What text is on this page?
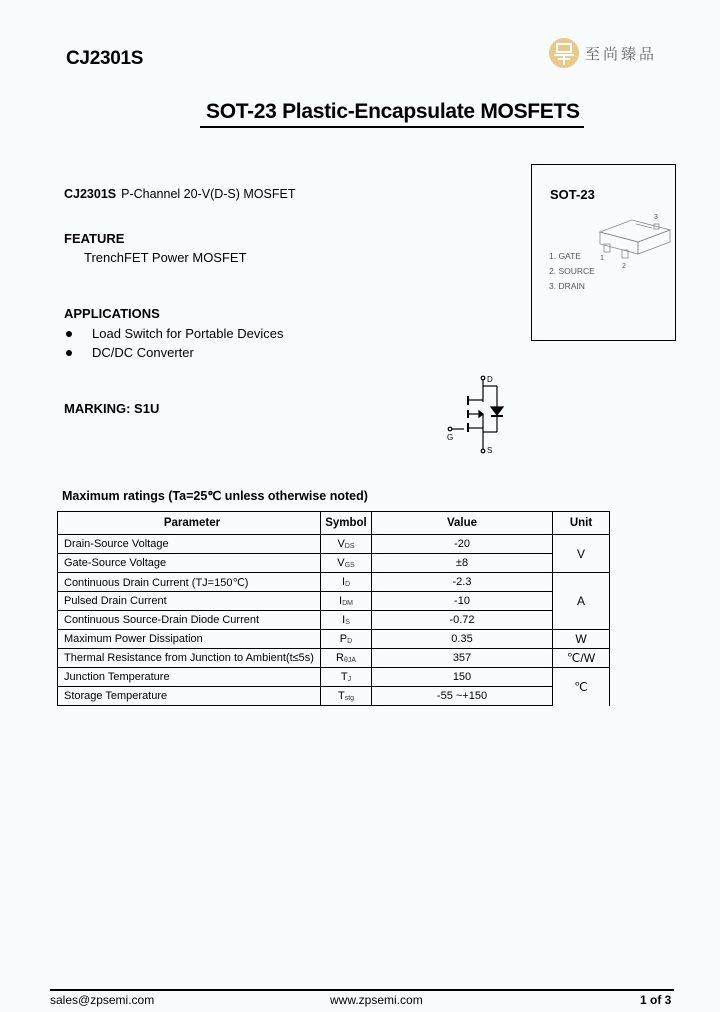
CJ2301S	至尚臻品
SOT-23 Plastic-Encapsulate MOSFETS
CJ2301S P-Channel 20-V(D-S) MOSFET
FEATURE
TrenchFET Power MOSFET
APPLICATIONS
Load Switch for Portable Devices
DC/DC Converter
MARKING: S1U
SOT-23
1
2
3
1. GATE
2. SOURCE
3. DRAIN
D
G
S
Maximum ratings (Ta=25℃ unless otherwise noted)
Parameter	Symbol	Value	Unit
Drain-Source Voltage	$V_{DS}$	-20	V
Gate-Source Voltage	$V_{GS}$	±8	
Continuous Drain Current (TJ=150℃)	$I_D$	-2.3	A
Pulsed Drain Current	$I_{DM}$	-10	
Continuous Source-Drain Diode Current	$I_S$	-0.72	
Maximum Power Dissipation	$P_D$	0.35	W
Thermal Resistance from Junction to Ambient(t≤5s)	$R_{\theta JA}$	357	℃/W
Junction Temperature	$T_J$	150	℃
Storage Temperature	$T_{stg}$	-55 ~+150	
sales@zpsemi.com	www.zpsemi.com	1 of 3
